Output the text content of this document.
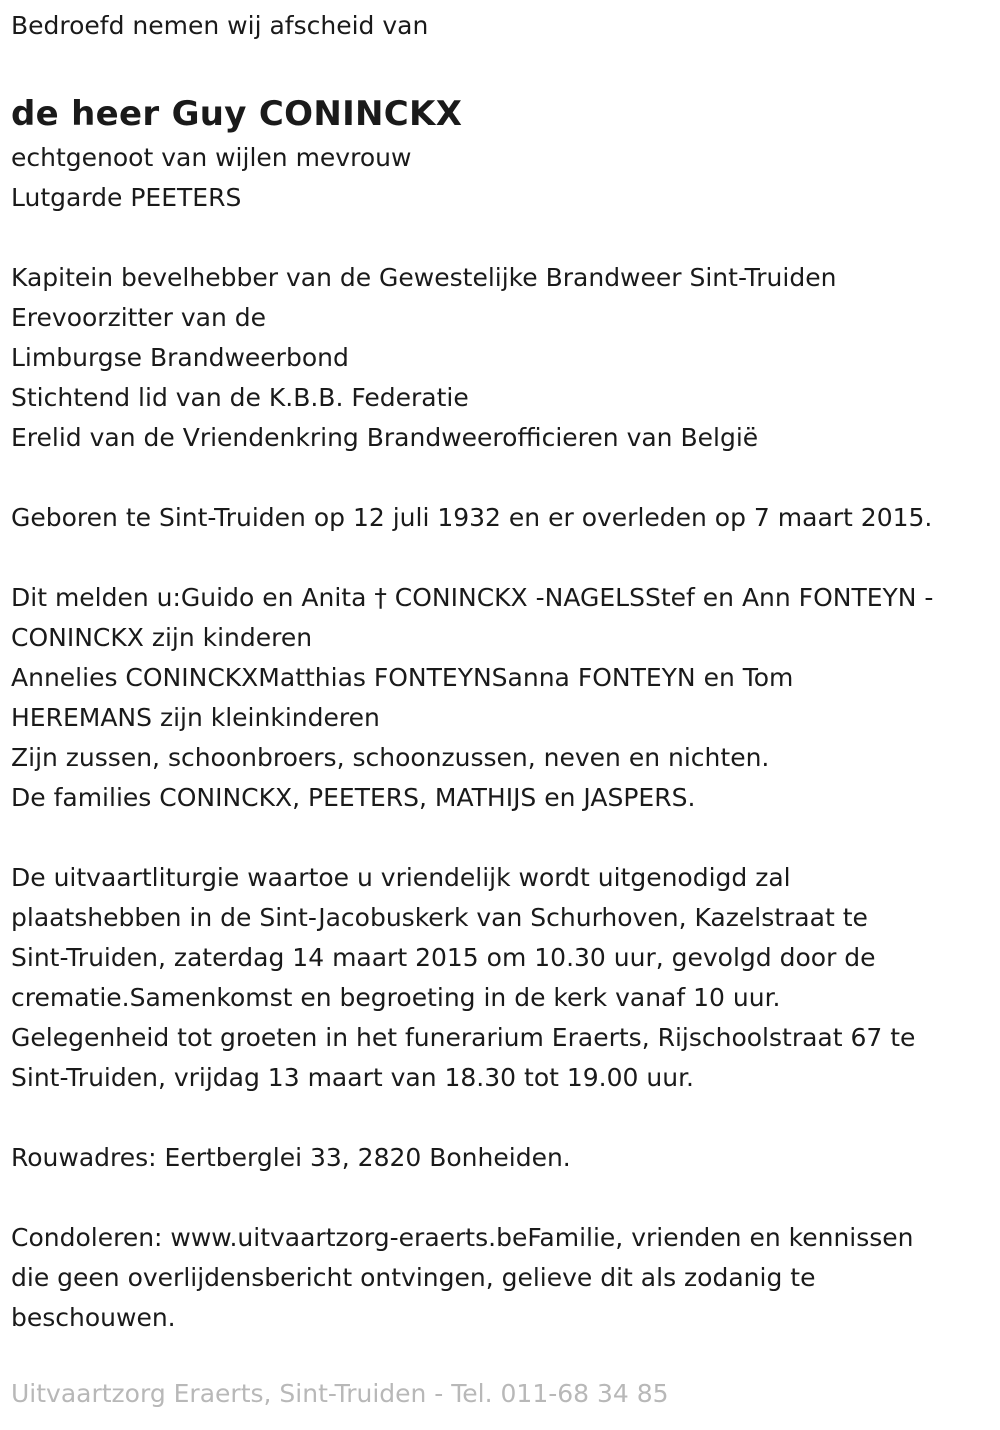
Bedroefd nemen wij afscheid van

de heer Guy CONINCKX

echtgenoot van wijlen mevrouw

Lutgarde PEETERS

Kapitein bevelhebber van de Gewestelijke Brandweer Sint-Truiden

Erevoorzitter van de

Limburgse Brandweerbond

Stichtend lid van de K.B.B. Federatie

Erelid van de Vriendenkring Brandweerofficieren van België

Geboren te Sint-Truiden op 12 juli 1932 en er overleden op 7 maart 2015.

Dit melden u:Guido en Anita † CONINCKX -NAGELSStef en Ann FONTEYN -

CONINCKX zijn kinderen

Annelies CONINCKXMatthias FONTEYNSanna FONTEYN en Tom

HEREMANS zijn kleinkinderen

Zijn zussen, schoonbroers, schoonzussen, neven en nichten.

De families CONINCKX, PEETERS, MATHIJS en JASPERS.

De uitvaartliturgie waartoe u vriendelijk wordt uitgenodigd zal

plaatshebben in de Sint-Jacobuskerk van Schurhoven, Kazelstraat te

Sint-Truiden, zaterdag 14 maart 2015 om 10.30 uur, gevolgd door de

crematie.Samenkomst en begroeting in de kerk vanaf 10 uur.

Gelegenheid tot groeten in het funerarium Eraerts, Rijschoolstraat 67 te

Sint-Truiden, vrijdag 13 maart van 18.30 tot 19.00 uur.

Rouwadres: Eertberglei 33, 2820 Bonheiden.

Condoleren: www.uitvaartzorg-eraerts.beFamilie, vrienden en kennissen

die geen overlijdensbericht ontvingen, gelieve dit als zodanig te

beschouwen.

Uitvaartzorg Eraerts, Sint-Truiden - Tel. 011-68 34 85
